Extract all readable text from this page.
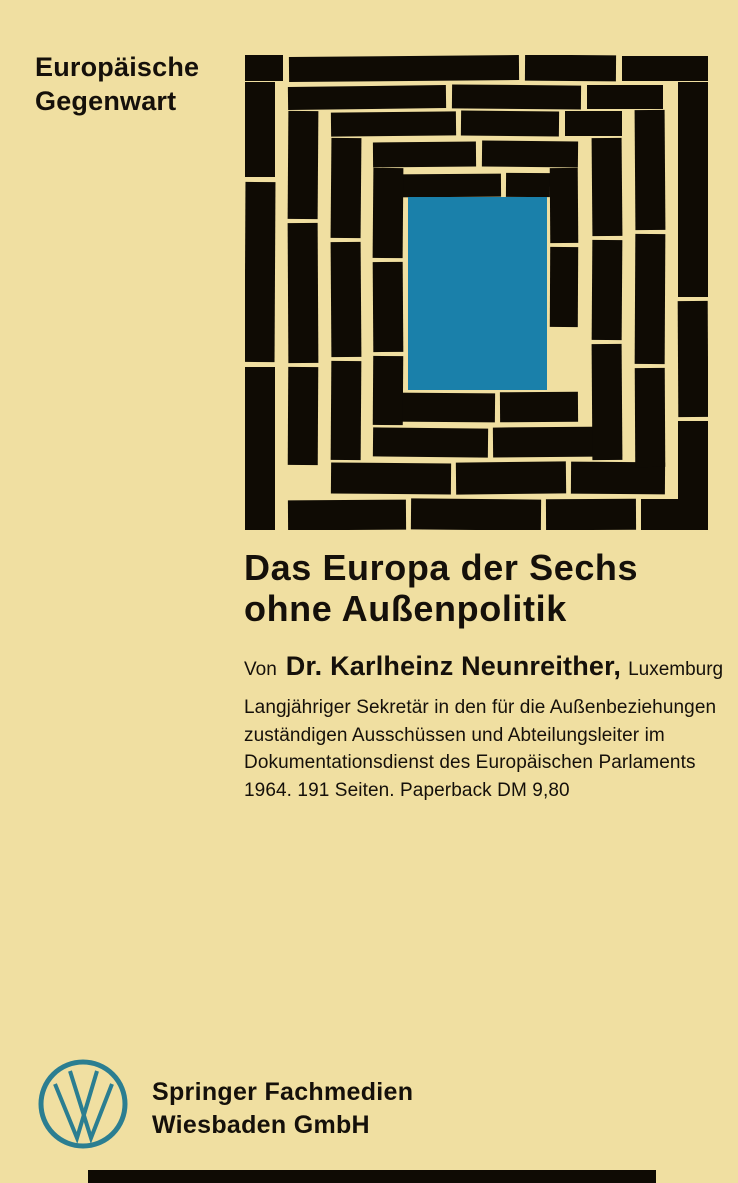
Europäische
Gegenwart
Das Europa der Sechs
ohne Außenpolitik
Von Dr. Karlheinz Neunreither, Luxemburg
Langjähriger Sekretär in den für die Außenbeziehungen
zuständigen Ausschüssen und Abteilungsleiter im
Dokumentationsdienst des Europäischen Parlaments
1964. 191 Seiten. Paperback DM 9,80
Springer Fachmedien
Wiesbaden GmbH
